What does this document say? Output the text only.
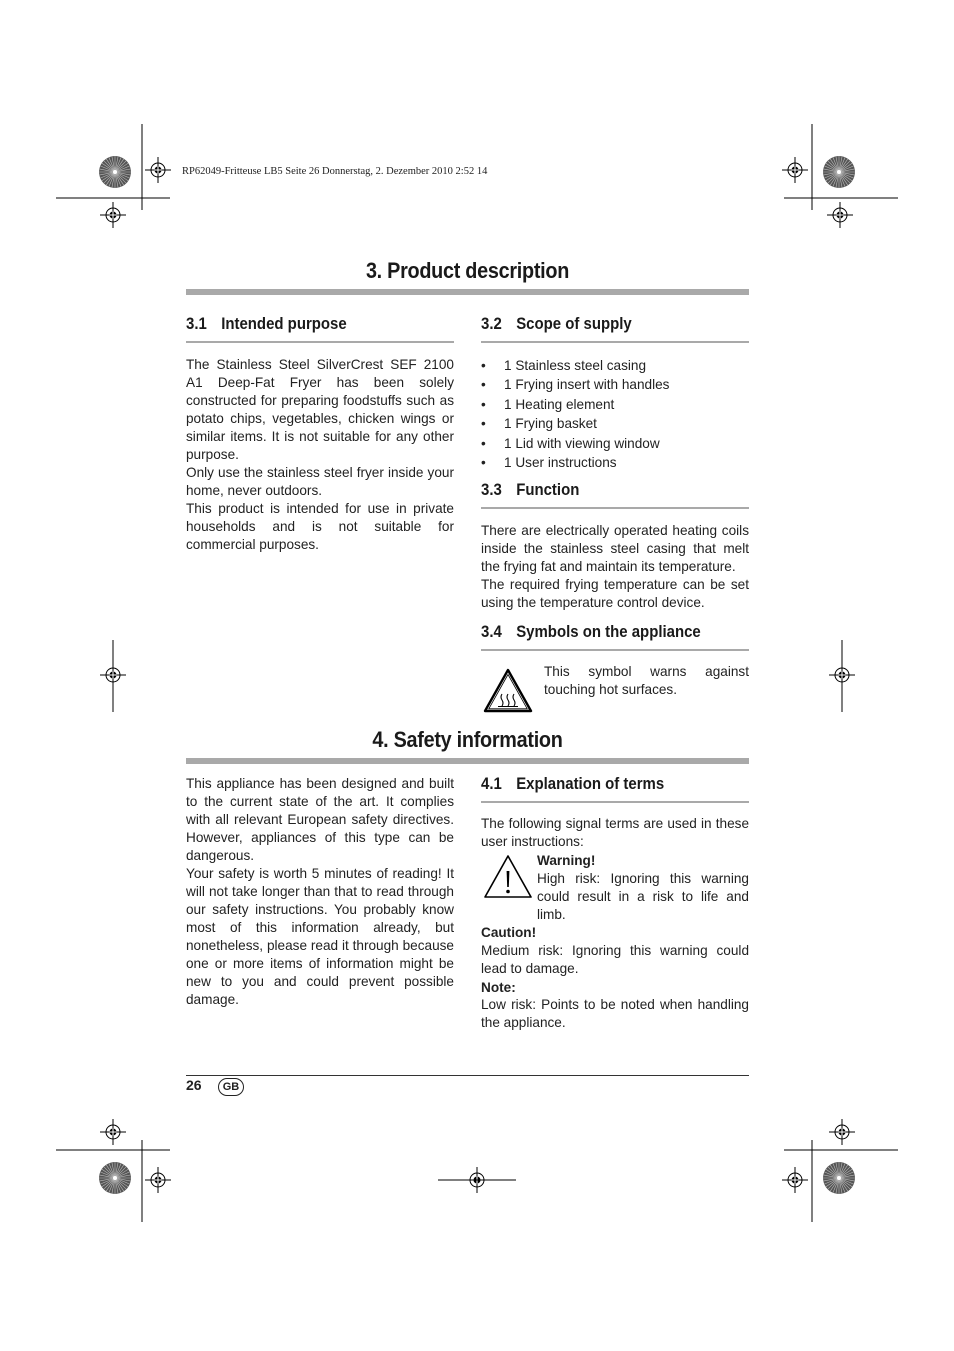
RP62049-Fritteuse LB5 Seite 26 Donnerstag, 2. Dezember 2010 2:52 14
3. Product description
3.1 Intended purpose

The Stainless Steel SilverCrest SEF 2100 A1 Deep-Fat Fryer has been solely constructed for preparing foodstuffs such as potato chips, vegetables, chicken wings or similar items. It is not suitable for any other purpose.

Only use the stainless steel fryer inside your home, never outdoors.

This product is intended for use in private households and is not suitable for commercial purposes.

3.2 Scope of supply
• 1 Stainless steel casing
• 1 Frying insert with handles
• 1 Heating element
• 1 Frying basket
• 1 Lid with viewing window
• 1 User instructions
3.3 Function

There are electrically operated heating coils inside the stainless steel casing that melt the frying fat and maintain its temperature.

The required frying temperature can be set using the temperature control device.

3.4 Symbols on the appliance
This symbol warns against touching hot surfaces.
4. Safety information

This appliance has been designed and built to the current state of the art. It complies with all relevant European safety directives. However, appliances of this type can be dangerous.

Your safety is worth 5 minutes of reading! It will not take longer than that to read through our safety instructions. You probably know most of this information already, but nonetheless, please read it through because one or more items of information might be new to you and could prevent possible damage.

4.1 Explanation of terms
The following signal terms are used in these user instructions:
Warning!
High risk: Ignoring this warning could result in a risk to life and limb.
Caution!
Medium risk: Ignoring this warning could lead to damage.
Note:
Low risk: Points to be noted when handling the appliance.
26	GB
